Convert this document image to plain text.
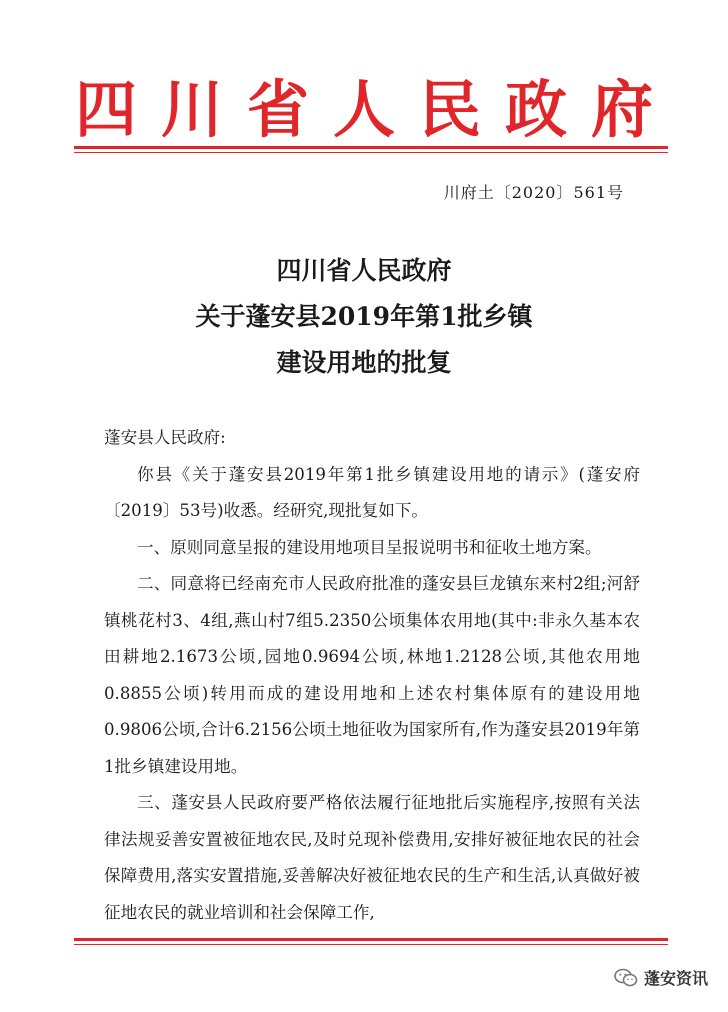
四川省人民政府
川府土〔2020〕561号
四川省人民政府
关于蓬安县2019年第1批乡镇
建设用地的批复

蓬安县人民政府:

你县《关于蓬安县2019年第1批乡镇建设用地的请示》(蓬安府〔2019〕53号)收悉。经研究,现批复如下。

一、原则同意呈报的建设用地项目呈报说明书和征收土地方案。

二、同意将已经南充市人民政府批准的蓬安县巨龙镇东来村2组;河舒镇桃花村3、4组,燕山村7组5.2350公顷集体农用地(其中:非永久基本农田耕地2.1673公顷,园地0.9694公顷,林地1.2128公顷,其他农用地0.8855公顷)转用而成的建设用地和上述农村集体原有的建设用地0.9806公顷,合计6.2156公顷土地征收为国家所有,作为蓬安县2019年第1批乡镇建设用地。

三、蓬安县人民政府要严格依法履行征地批后实施程序,按照有关法律法规妥善安置被征地农民,及时兑现补偿费用,安排好被征地农民的社会保障费用,落实安置措施,妥善解决好被征地农民的生产和生活,认真做好被征地农民的就业培训和社会保障工作,

蓬安资讯
